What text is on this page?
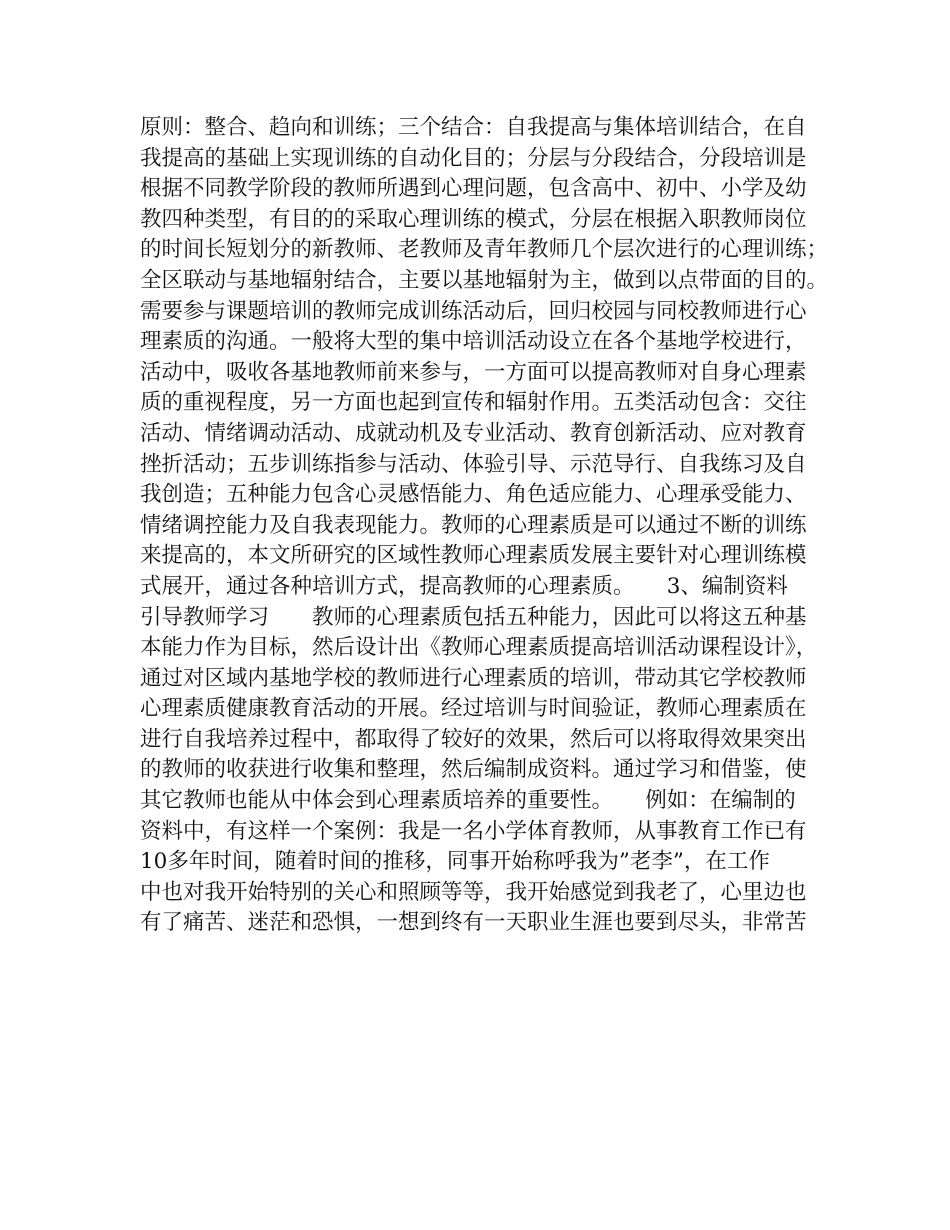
原则：整合、趋向和训练；三个结合：自我提高与集体培训结合，在自
我提高的基础上实现训练的自动化目的；分层与分段结合，分段培训是
根据不同教学阶段的教师所遇到心理问题，包含高中、初中、小学及幼
教四种类型，有目的的采取心理训练的模式，分层在根据入职教师岗位
的时间长短划分的新教师、老教师及青年教师几个层次进行的心理训练；
全区联动与基地辐射结合，主要以基地辐射为主，做到以点带面的目的。
需要参与课题培训的教师完成训练活动后，回归校园与同校教师进行心
理素质的沟通。一般将大型的集中培训活动设立在各个基地学校进行，
活动中，吸收各基地教师前来参与，一方面可以提高教师对自身心理素
质的重视程度，另一方面也起到宣传和辐射作用。五类活动包含：交往
活动、情绪调动活动、成就动机及专业活动、教育创新活动、应对教育
挫折活动；五步训练指参与活动、体验引导、示范导行、自我练习及自
我创造；五种能力包含心灵感悟能力、角色适应能力、心理承受能力、
情绪调控能力及自我表现能力。教师的心理素质是可以通过不断的训练
来提高的，本文所研究的区域性教师心理素质发展主要针对心理训练模
式展开，通过各种培训方式，提高教师的心理素质。　　3、编制资料
引导教师学习　　教师的心理素质包括五种能力，因此可以将这五种基
本能力作为目标，然后设计出《教师心理素质提高培训活动课程设计》，
通过对区域内基地学校的教师进行心理素质的培训，带动其它学校教师
心理素质健康教育活动的开展。经过培训与时间验证，教师心理素质在
进行自我培养过程中，都取得了较好的效果，然后可以将取得效果突出
的教师的收获进行收集和整理，然后编制成资料。通过学习和借鉴，使
其它教师也能从中体会到心理素质培养的重要性。　　例如：在编制的
资料中，有这样一个案例：我是一名小学体育教师，从事教育工作已有
10多年时间，随着时间的推移，同事开始称呼我为”老李”，在工作
中也对我开始特别的关心和照顾等等，我开始感觉到我老了，心里边也
有了痛苦、迷茫和恐惧，一想到终有一天职业生涯也要到尽头，非常苦
